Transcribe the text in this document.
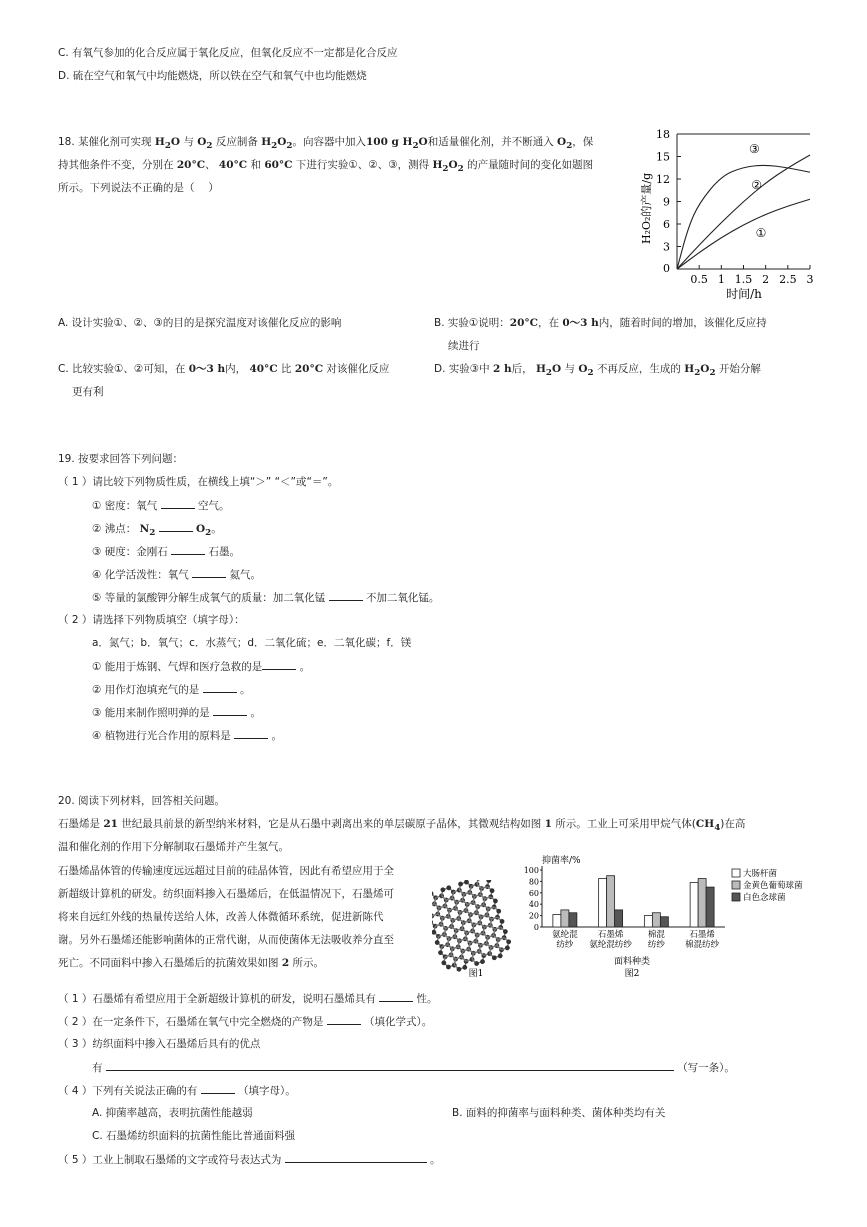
C. 有氧气参加的化合反应属于氧化反应，但氧化反应不一定都是化合反应
D. 硫在空气和氧气中均能燃烧，所以铁在空气和氧气中也均能燃烧
18. 某催化剂可实现 $H_2O$ 与 $O_2$ 反应制备 $H_2O_2$。向容器中加入100 g $H_2O$和适量催化剂，并不断通入 $O_2$，保
持其他条件不变，分别在 20°C、 40°C 和 60°C 下进行实验①、②、③，测得 $H_2O_2$ 的产量随时间的变化如题图
所示。下列说法不正确的是（　 ）
3
6
9
12
15
18
0.5 1 1.5 2 2.5 3
①
②
③
0
H₂O₂的产量/g
时间/h
A. 设计实验①、②、③的目的是探究温度对该催化反应的影响	B. 实验①说明：20°C，在 0～3 h内，随着时间的增加，该催化反应持
续进行
C. 比较实验①、②可知，在 0～3 h内， 40°C 比 20°C 对该催化反应
更有利
D. 实验③中 2 h后， $H_2O$ 与 $O_2$ 不再反应，生成的 $H_2O_2$ 开始分解
19. 按要求回答下列问题：
（ 1 ）请比较下列物质性质，在横线上填“＞” “＜”或“＝”。
① 密度：氧气	空气。
② 沸点： $N_2$	$O_2$。
③ 硬度：金刚石	石墨。
④ 化学活泼性：氧气	氦气。
⑤ 等量的氯酸钾分解生成氧气的质量：加二氧化锰	不加二氧化锰。
（ 2 ）请选择下列物质填空（填字母）：
a．氮气；b．氧气；c．水蒸气；d．二氧化硫；e．二氧化碳；f．镁
① 能用于炼钢、气焊和医疗急救的是	。
② 用作灯泡填充气的是	。
③ 能用来制作照明弹的是	。
④ 植物进行光合作用的原料是	。
20. 阅读下列材料，回答相关问题。
石墨烯是 21 世纪最具前景的新型纳米材料，它是从石墨中剥离出来的单层碳原子晶体，其微观结构如图 1 所示。工业上可采用甲烷气体$(CH_4)$在高
温和催化剂的作用下分解制取石墨烯并产生氢气。
石墨烯晶体管的传输速度远远超过目前的硅晶体管，因此有希望应用于全
新超级计算机的研发。纺织面料掺入石墨烯后，在低温情况下，石墨烯可
将来自远红外线的热量传送给人体，改善人体微循环系统，促进新陈代
谢。另外石墨烯还能影响菌体的正常代谢，从而使菌体无法吸收养分直至
死亡。不同面料中掺入石墨烯后的抗菌效果如图 2 所示。
图1
抑菌率/%
0
20
40
60
80
100
氨纶混
纺纱
石墨烯
氨纶混纺纱
棉混
纺纱
石墨烯
棉混纺纱
大肠杆菌
金黄色葡萄球菌
白色念球菌
面料种类
图2
（ 1 ）石墨烯有希望应用于全新超级计算机的研发，说明石墨烯具有	性。
（ 2 ）在一定条件下，石墨烯在氧气中完全燃烧的产物是	（填化学式）。
（ 3 ）纺织面料中掺入石墨烯后具有的优点
有	（写一条）。
（ 4 ）下列有关说法正确的有	（填字母）。
A. 抑菌率越高，表明抗菌性能越弱	B. 面料的抑菌率与面料种类、菌体种类均有关
C. 石墨烯纺织面料的抗菌性能比普通面料强
（ 5 ）工业上制取石墨烯的文字或符号表达式为	。
